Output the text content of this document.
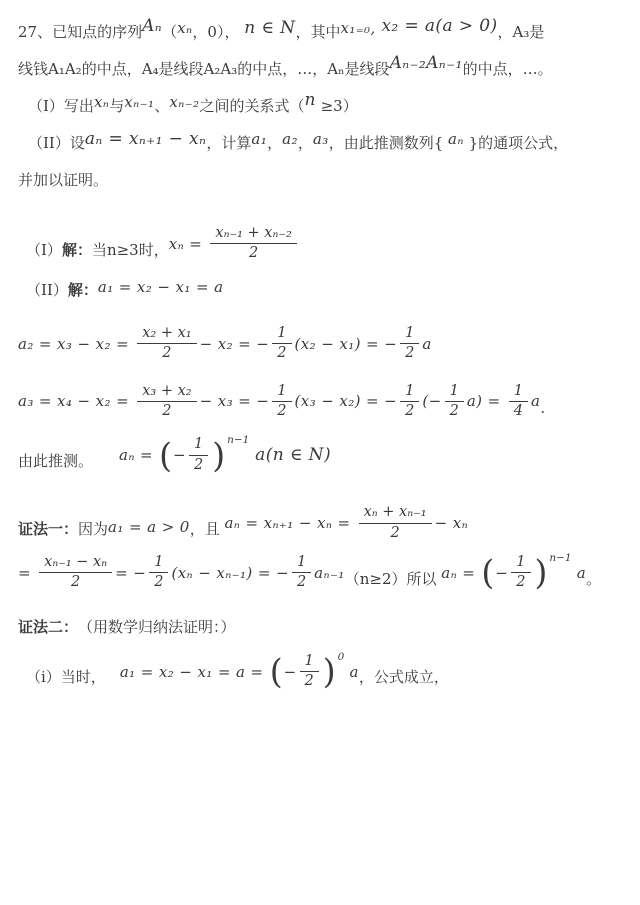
27、已知点的序列Aₙ（xₙ，0）， n ∈ N，其中x₁₌₀, x₂ = a(a > 0)，A₃是
线钱A₁A₂的中点，A₄是线段A₂A₃的中点，…，Aₙ是线段Aₙ₋₂Aₙ₋₁的中点，…。

（I）写出xₙ与xₙ₋₁、xₙ₋₂之间的关系式（n ≥3）

（II）设aₙ = xₙ₊₁ − xₙ，计算a₁，a₂，a₃，由此推测数列{ aₙ }的通项公式，
并加以证明。

（I） 解： 当n≥3时， $x_n = \frac{\text{xₙ₋₁ + xₙ₋₂}}{2}$
（II） 解： a₁ = x₂ − x₁ = a
$a_2 = x_3 - x_2 = \frac{\text{x₂ + x₁}}{2} - x_2$ = − $\frac{1}{2} (x_2 - x_1)$ = − $\frac{1}{2}$ a
$a_3 = x_4 - x_2 = \frac{\text{x₃ + x₂}}{2} - x_3$ = − $\frac{1}{2} (x_3 - x_2)$ = − $\frac{1}{2}$ (− $\frac{1}{2} a) = \frac{1}{4}$ a .
由此推测。 aₙ = ( − $\frac{1}{2}$ ) n−1
a(n ∈ N)
证法一： 因为 a₁ = a > 0 ，且 $a_n = x_{n+1} - x_n = \frac{\text{xₙ + xₙ₋₁}}{2} - x_n$
= $\frac{\text{xₙ₋₁ − xₙ}}{2}$ = − $\frac{1}{2} (x_n - x_{n-1})$ = − $\frac{1}{2} a_{n-1}$ （n≥2）所以 aₙ = ( − $\frac{1}{2}$ ) n−1
a 。
证法二： （用数学归纳法证明：）
（i）当时， a₁ = x₂ − x₁ = a = ( − $\frac{1}{2}$ ) 0
a ，公式成立，
